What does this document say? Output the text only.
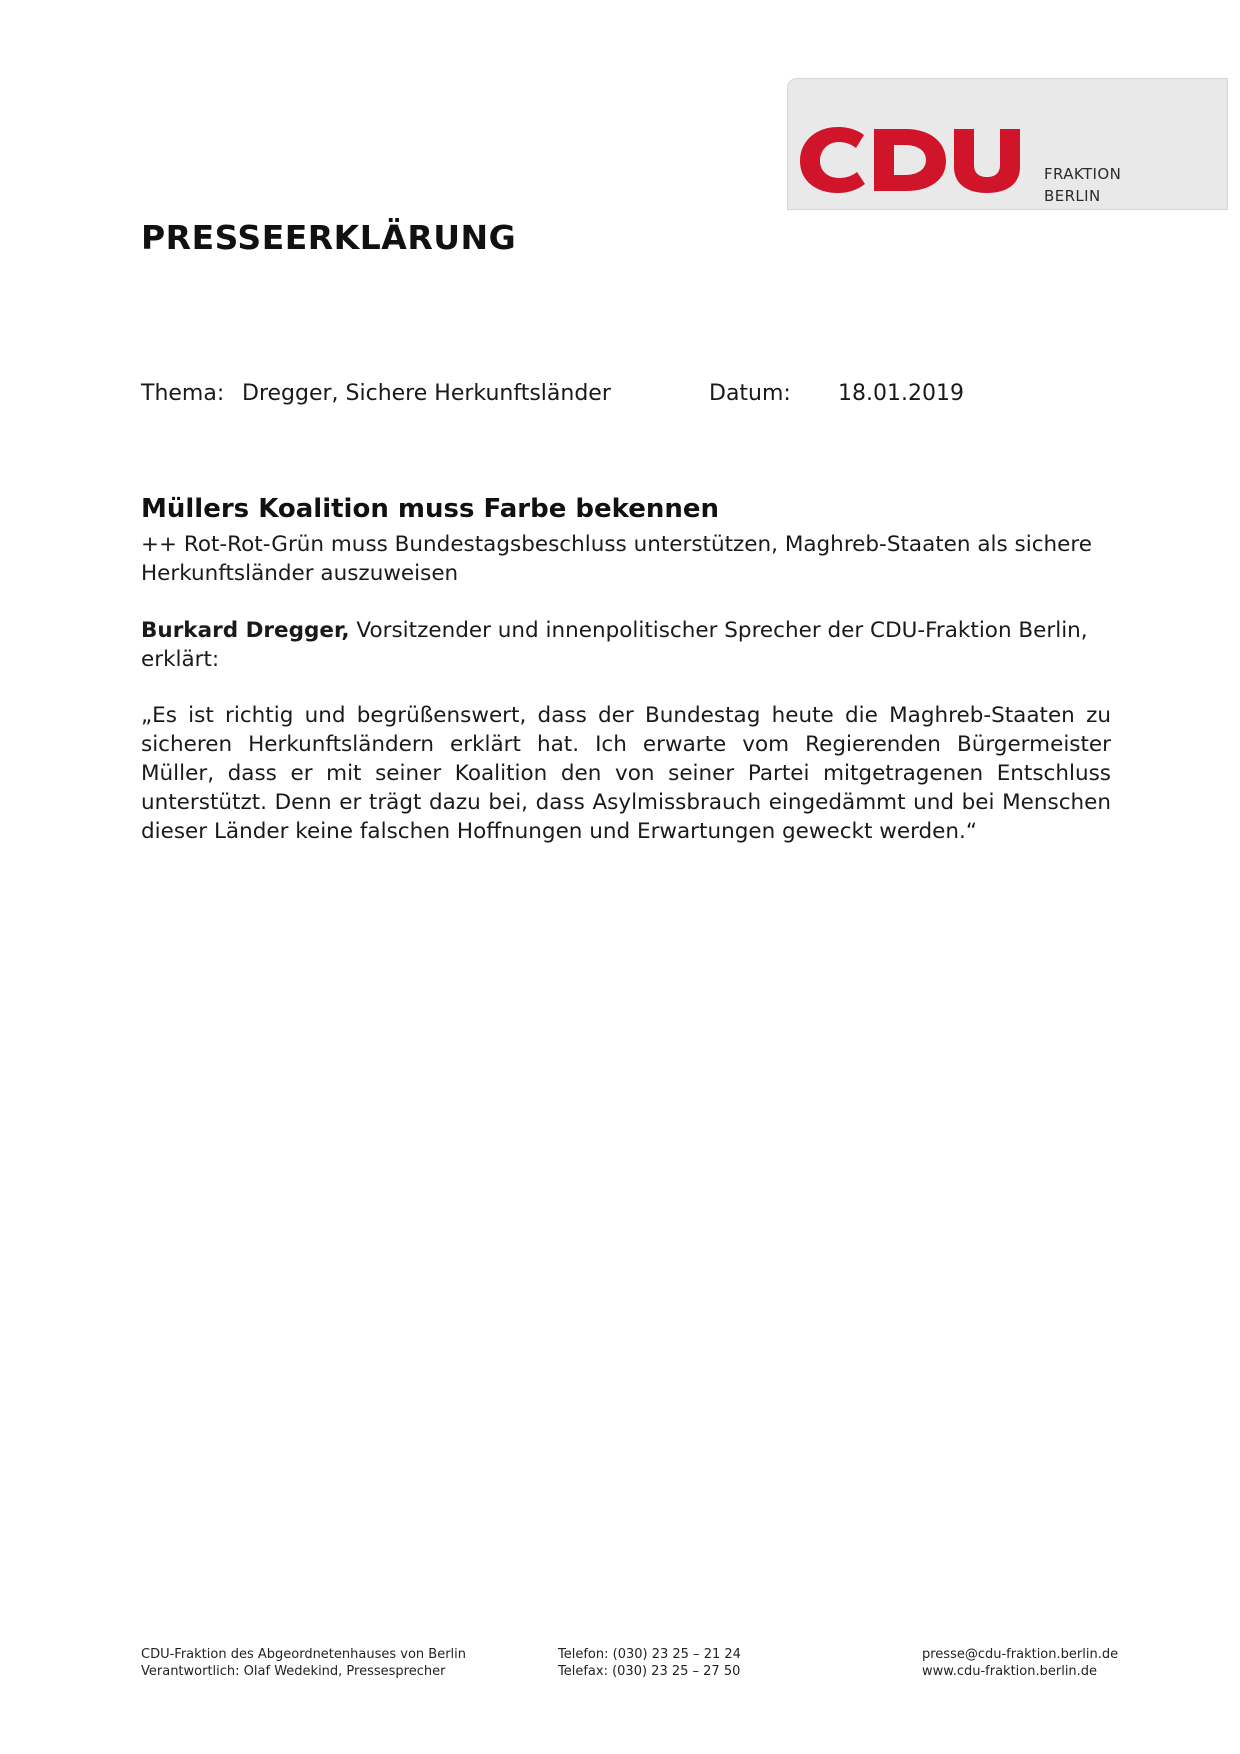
FRAKTION
BERLIN
PRESSEERKLÄRUNG
Thema: Dregger, Sichere Herkunftsländer	Datum: 18.01.2019
Müllers Koalition muss Farbe bekennen
++ Rot-Rot-Grün muss Bundestagsbeschluss unterstützen, Maghreb-Staaten als sichere Herkunftsländer auszuweisen
Burkard Dregger, Vorsitzender und innenpolitischer Sprecher der CDU-Fraktion Berlin, erklärt:
„Es ist richtig und begrüßenswert, dass der Bundestag heute die Maghreb-Staaten zu sicheren Herkunftsländern erklärt hat. Ich erwarte vom Regierenden Bürgermeister Müller, dass er mit seiner Koalition den von seiner Partei mitgetragenen Entschluss unterstützt. Denn er trägt dazu bei, dass Asylmissbrauch eingedämmt und bei Menschen dieser Länder keine falschen Hoffnungen und Erwartungen geweckt werden.“
CDU-Fraktion des Abgeordnetenhauses von Berlin
Verantwortlich: Olaf Wedekind, Pressesprecher
Telefon: (030) 23 25 – 21 24
Telefax: (030) 23 25 – 27 50
presse@cdu-fraktion.berlin.de
www.cdu-fraktion.berlin.de
